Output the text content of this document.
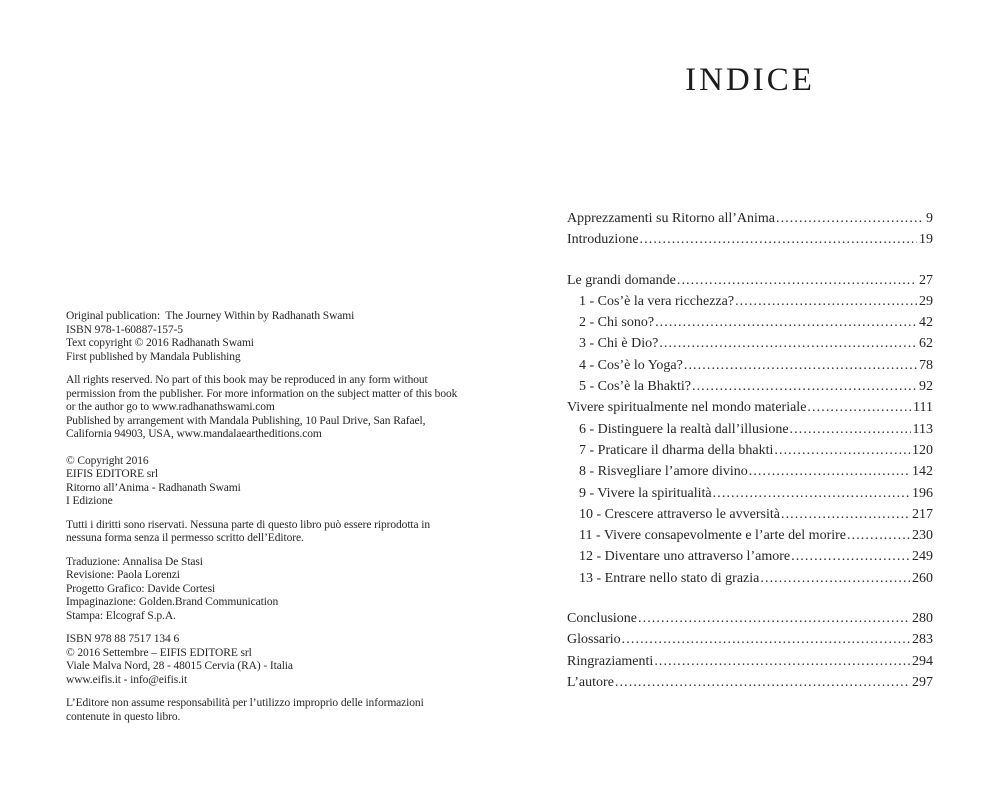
Original publication:  The Journey Within by Radhanath Swami
ISBN 978-1-60887-157-5
Text copyright © 2016 Radhanath Swami
First published by Mandala Publishing
All rights reserved. No part of this book may be reproduced in any form without
permission from the publisher. For more information on the subject matter of this book
or the author go to www.radhanathswami.com
Published by arrangement with Mandala Publishing, 10 Paul Drive, San Rafael,
California 94903, USA, www.mandalaeartheditions.com
© Copyright 2016
EIFIS EDITORE srl
Ritorno all’Anima - Radhanath Swami
I Edizione
Tutti i diritti sono riservati. Nessuna parte di questo libro può essere riprodotta in
nessuna forma senza il permesso scritto dell’Editore.
Traduzione: Annalisa De Stasi
Revisione: Paola Lorenzi
Progetto Grafico: Davide Cortesi
Impaginazione: Golden.Brand Communication
Stampa: Elcograf S.p.A.
ISBN 978 88 7517 134 6
© 2016 Settembre – EIFIS EDITORE srl
Viale Malva Nord, 28 - 48015 Cervia (RA) - Italia
www.eifis.it - info@eifis.it
L’Editore non assume responsabilità per l’utilizzo improprio delle informazioni
contenute in questo libro.
INDICE
Apprezzamenti su Ritorno all’Anima .....	9
Introduzione .....	19
Le grandi domande .....	27
1 - Cos’è la vera ricchezza? .....	29
2 - Chi sono? .....	42
3 - Chi è Dio? .....	62
4 - Cos’è lo Yoga? .....	78
5 - Cos’è la Bhakti? .....	92
Vivere spiritualmente nel mondo materiale .....	111
6 - Distinguere la realtà dall’illusione .....	113
7 - Praticare il dharma della bhakti .....	120
8 - Risvegliare l’amore divino .....	142
9 - Vivere la spiritualità .....	196
10 - Crescere attraverso le avversità .....	217
11 - Vivere consapevolmente e l’arte del morire .....	230
12 - Diventare uno attraverso l’amore .....	249
13 - Entrare nello stato di grazia .....	260
Conclusione .....	280
Glossario .....	283
Ringraziamenti .....	294
L’autore .....	297
